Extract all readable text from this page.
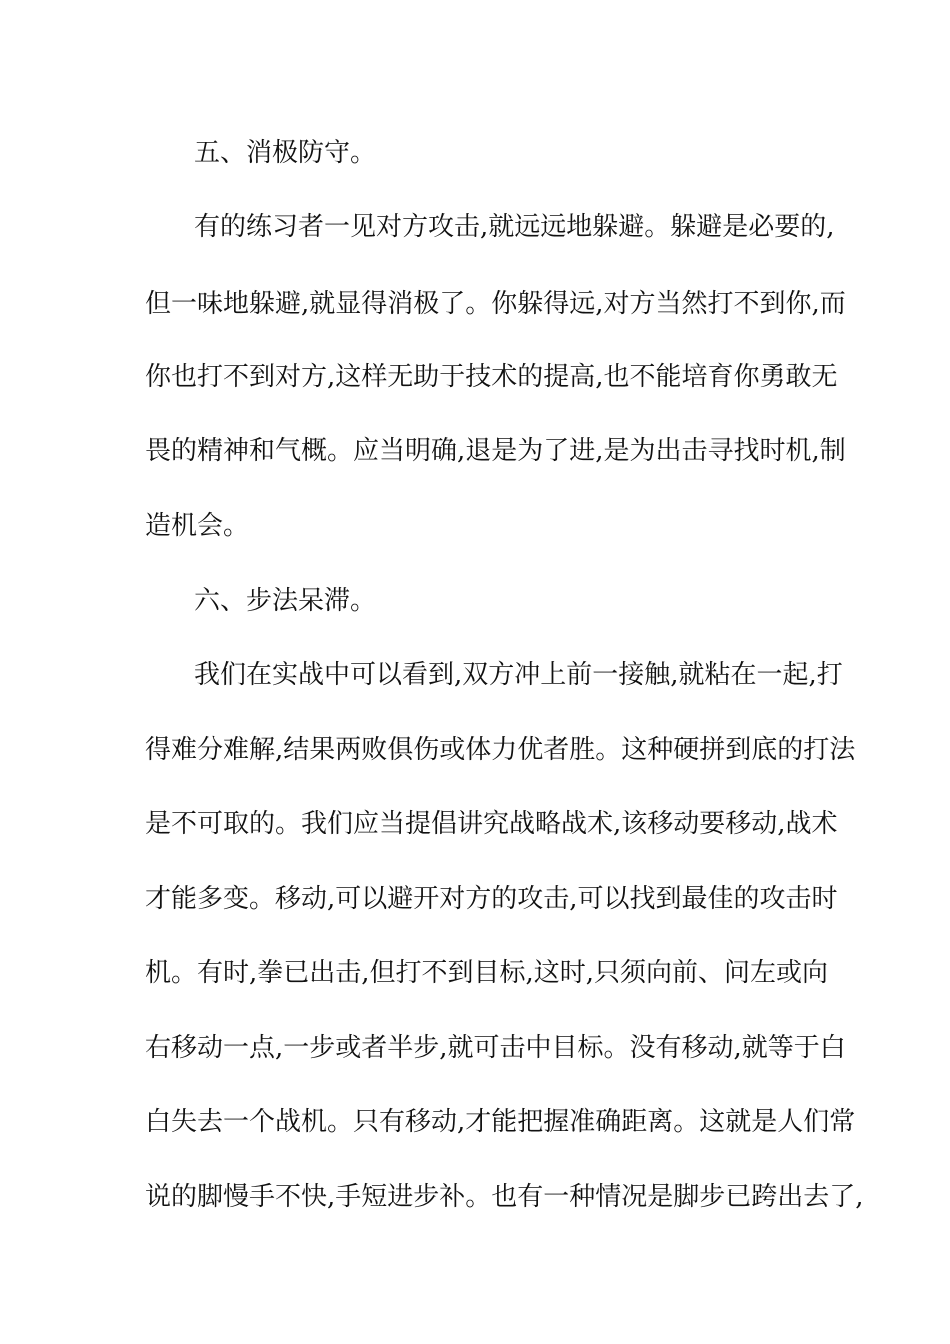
五、消极防守。
有的练习者一见对方攻击,就远远地躲避。躲避是必要的,
但一味地躲避,就显得消极了。你躲得远,对方当然打不到你,而
你也打不到对方,这样无助于技术的提高,也不能培育你勇敢无
畏的精神和气概。应当明确,退是为了进,是为出击寻找时机,制
造机会。
六、步法呆滞。
我们在实战中可以看到,双方冲上前一接触,就粘在一起,打
得难分难解,结果两败俱伤或体力优者胜。这种硬拼到底的打法
是不可取的。我们应当提倡讲究战略战术,该移动要移动,战术
才能多变。移动,可以避开对方的攻击,可以找到最佳的攻击时
机。有时,拳已出击,但打不到目标,这时,只须向前、问左或向
右移动一点,一步或者半步,就可击中目标。没有移动,就等于白
白失去一个战机。只有移动,才能把握准确距离。这就是人们常
说的脚慢手不快,手短进步补。也有一种情况是脚步已跨出去了,
